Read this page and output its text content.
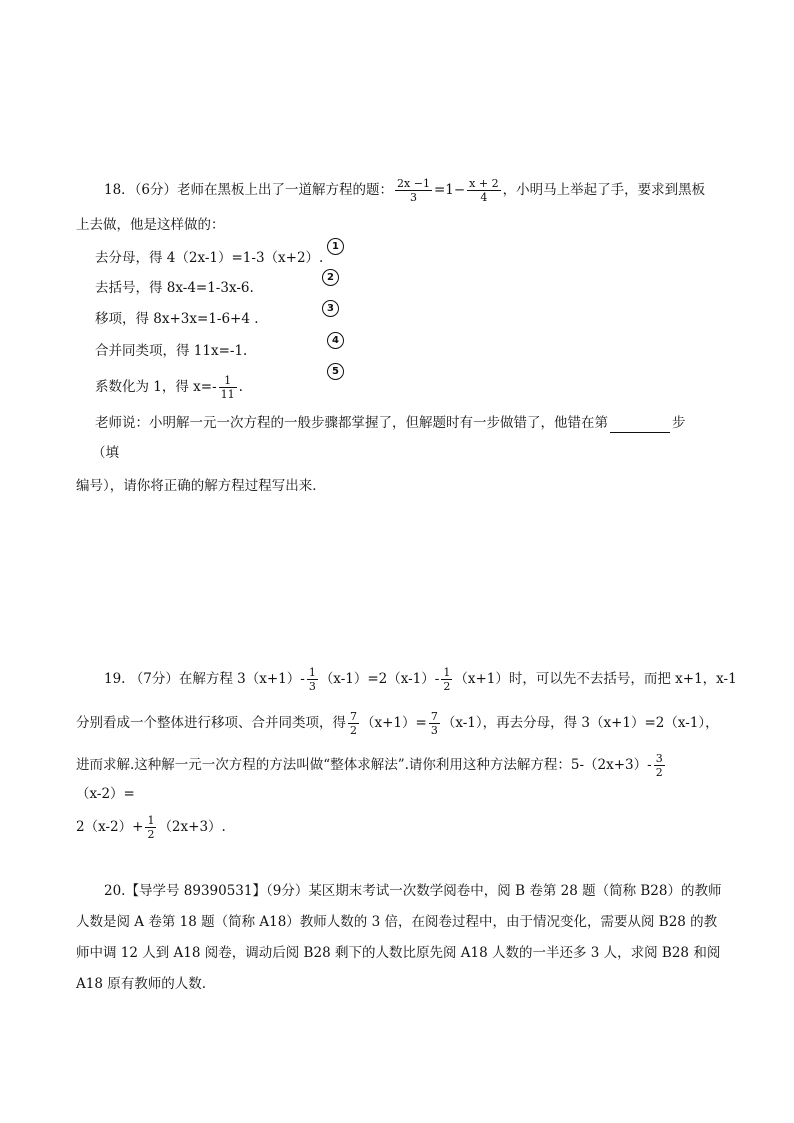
18．（6分）老师在黑板上出了一道解方程的题： $\frac{2x -1}{3} =1- \frac{x + 2}{4}$ ，小明马上举起了手，要求到黑板
上去做，他是这样做的：
去分母，得 4（2x-1）=1-3（x+2）.
1
去括号，得 8x-4=1-3x-6.
2
移项，得 8x+3x=1-6+4 .
3
合并同类项，得 11x=-1.
4
系数化为 1，得 $x=- \frac{1}{11}$ .
5
老师说：小明解一元一次方程的一般步骤都掌握了，但解题时有一步做错了，他错在第	步
（填
编号），请你将正确的解方程过程写出来．
19. （7分）在解方程 $3(x+1)- \frac{1}{3} (x-1)=2(x-1)- \frac{1}{2} (x+1)$时，可以先不去括号，而把 x+1，x-1
分别看成一个整体进行移项、合并同类项，得 $\frac{7}{2} (x+1)= \frac{7}{3} (x-1)$，再去分母，得 3（x+1）=2（x-1），
进而求解.这种解一元一次方程的方法叫做“整体求解法”.请你利用这种方法解方程：$5-(2x+3)- \frac{3}{2}$
（x-2）=
$2(x-2)+ \frac{1}{2} (2x+3)$.
20.【导学号 89390531】（9分）某区期末考试一次数学阅卷中，阅 B 卷第 28 题（简称 B28）的教师
人数是阅 A 卷第 18 题（简称 A18）教师人数的 3 倍，在阅卷过程中，由于情况变化，需要从阅 B28 的教
师中调 12 人到 A18 阅卷，调动后阅 B28 剩下的人数比原先阅 A18 人数的一半还多 3 人，求阅 B28 和阅
A18 原有教师的人数.
